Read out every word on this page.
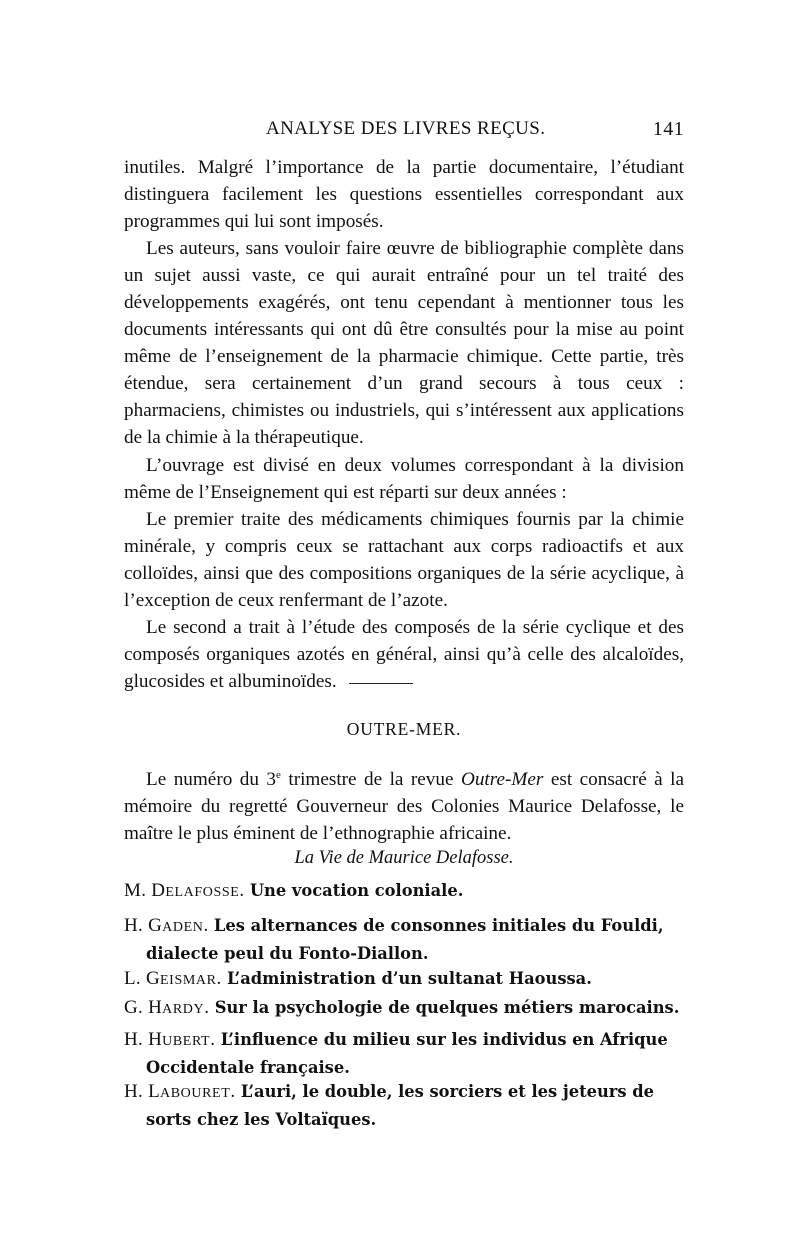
ANALYSE DES LIVRES REÇUS.	141

inutiles. Malgré l’importance de la partie documentaire, l’étudiant distinguera facilement les questions essentielles correspondant aux programmes qui lui sont imposés.

Les auteurs, sans vouloir faire œuvre de bibliographie complète dans un sujet aussi vaste, ce qui aurait entraîné pour un tel traité des développements exagérés, ont tenu cependant à mentionner tous les documents intéressants qui ont dû être consultés pour la mise au point même de l’enseignement de la pharmacie chimique. Cette partie, très étendue, sera certainement d’un grand secours à tous ceux : pharmaciens, chimistes ou industriels, qui s’intéressent aux applications de la chimie à la thérapeutique.

L’ouvrage est divisé en deux volumes correspondant à la division même de l’Enseignement qui est réparti sur deux années :

Le premier traite des médicaments chimiques fournis par la chimie minérale, y compris ceux se rattachant aux corps radioactifs et aux colloïdes, ainsi que des compositions organiques de la série acyclique, à l’exception de ceux renfermant de l’azote.

Le second a trait à l’étude des composés de la série cyclique et des composés organiques azotés en général, ainsi qu’à celle des alcaloïdes, glucosides et albuminoïdes.

OUTRE-MER.

Le numéro du 3e trimestre de la revue Outre-Mer est consacré à la mémoire du regretté Gouverneur des Colonies Maurice Delafosse, le maître le plus éminent de l’ethnographie africaine.

La Vie de Maurice Delafosse.
M. DELAFOSSE. Une vocation coloniale.
H. GADEN. Les alternances de consonnes initiales du Fouldi,
dialecte peul du Fonto-Diallon.
L. GEISMAR. L’administration d’un sultanat Haoussa.
G. HARDY. Sur la psychologie de quelques métiers marocains.
H. HUBERT. L’influence du milieu sur les individus en Afrique
Occidentale française.
H. LABOURET. L’auri, le double, les sorciers et les jeteurs de
sorts chez les Voltaïques.
